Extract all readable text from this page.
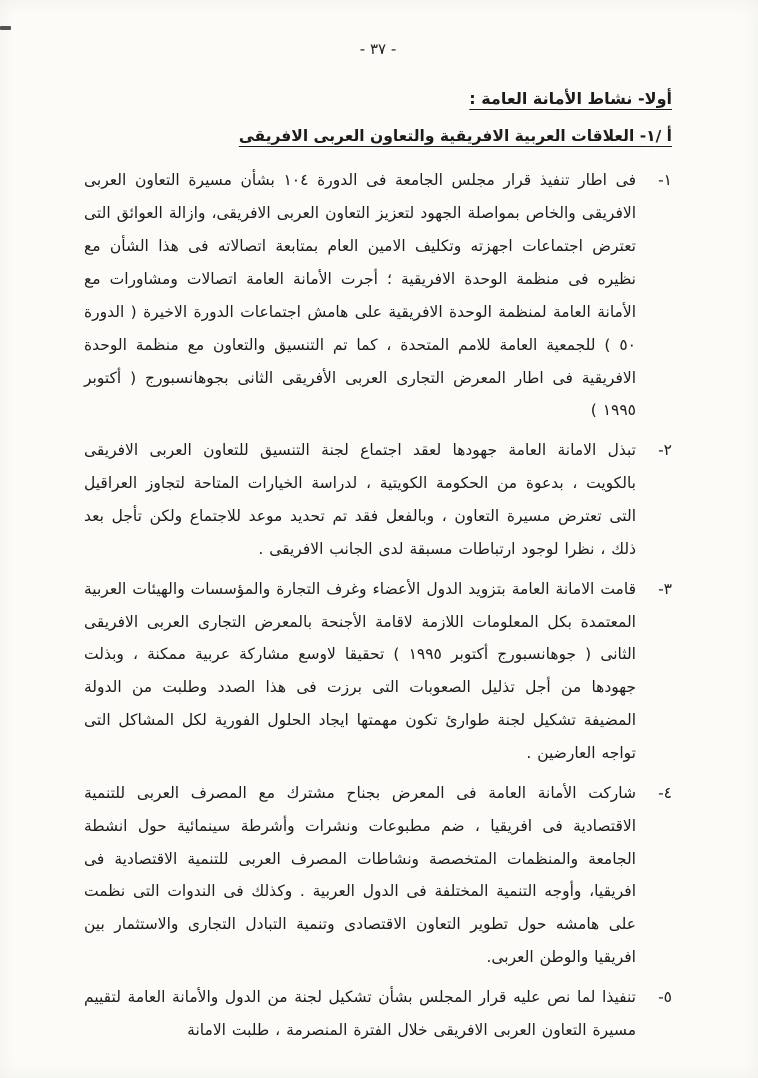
- ٣٧ -
أولا- نشاط الأمانة العامة :
أ /١- العلاقات العربية الافريقية والتعاون العربى الافريقى
١-
فى اطار تنفيذ قرار مجلس الجامعة فى الدورة ١٠٤ بشأن مسيرة التعاون العربى الافريقى والخاص بمواصلة الجهود لتعزيز التعاون العربى الافريقى، وازالة العوائق التى تعترض اجتماعات اجهزته وتكليف الامين العام بمتابعة اتصالاته فى هذا الشأن مع نظيره فى منظمة الوحدة الافريقية ؛ أجرت الأمانة العامة اتصالات ومشاورات مع الأمانة العامة لمنظمة الوحدة الافريقية على هامش اجتماعات الدورة الاخيرة ( الدورة ٥٠ ) للجمعية العامة للامم المتحدة ، كما تم التنسيق والتعاون مع منظمة الوحدة الافريقية فى اطار المعرض التجارى العربى الأفريقى الثانى بجوهانسبورج ( أكتوبر ١٩٩٥ )
٢-
تبذل الامانة العامة جهودها لعقد اجتماع لجنة التنسيق للتعاون العربى الافريقى بالكويت ، بدعوة من الحكومة الكويتية ، لدراسة الخيارات المتاحة لتجاوز العراقيل التى تعترض مسيرة التعاون ، وبالفعل فقد تم تحديد موعد للاجتماع ولكن تأجل بعد ذلك ، نظرا لوجود ارتباطات مسبقة لدى الجانب الافريقى .
٣-
قامت الامانة العامة بتزويد الدول الأعضاء وغرف التجارة والمؤسسات والهيئات العربية المعتمدة بكل المعلومات اللازمة لاقامة الأجنحة بالمعرض التجارى العربى الافريقى الثانى ( جوهانسبورج أكتوبر ١٩٩٥ ) تحقيقا لاوسع مشاركة عربية ممكنة ، وبذلت جهودها من أجل تذليل الصعوبات التى برزت فى هذا الصدد وطلبت من الدولة المضيفة تشكيل لجنة طوارئ تكون مهمتها ايجاد الحلول الفورية لكل المشاكل التى تواجه العارضين .
٤-
شاركت الأمانة العامة فى المعرض بجناح مشترك مع المصرف العربى للتنمية الاقتصادية فى افريقيا ، ضم مطبوعات ونشرات وأشرطة سينمائية حول انشطة الجامعة والمنظمات المتخصصة ونشاطات المصرف العربى للتنمية الاقتصادية فى افريقيا، وأوجه التنمية المختلفة فى الدول العربية . وكذلك فى الندوات التى نظمت على هامشه حول تطوير التعاون الاقتصادى وتنمية التبادل التجارى والاستثمار بين افريقيا والوطن العربى.
٥-
تنفيذا لما نص عليه قرار المجلس بشأن تشكيل لجنة من الدول والأمانة العامة لتقييم مسيرة التعاون العربى الافريقى خلال الفترة المنصرمة ، طلبت الامانة
